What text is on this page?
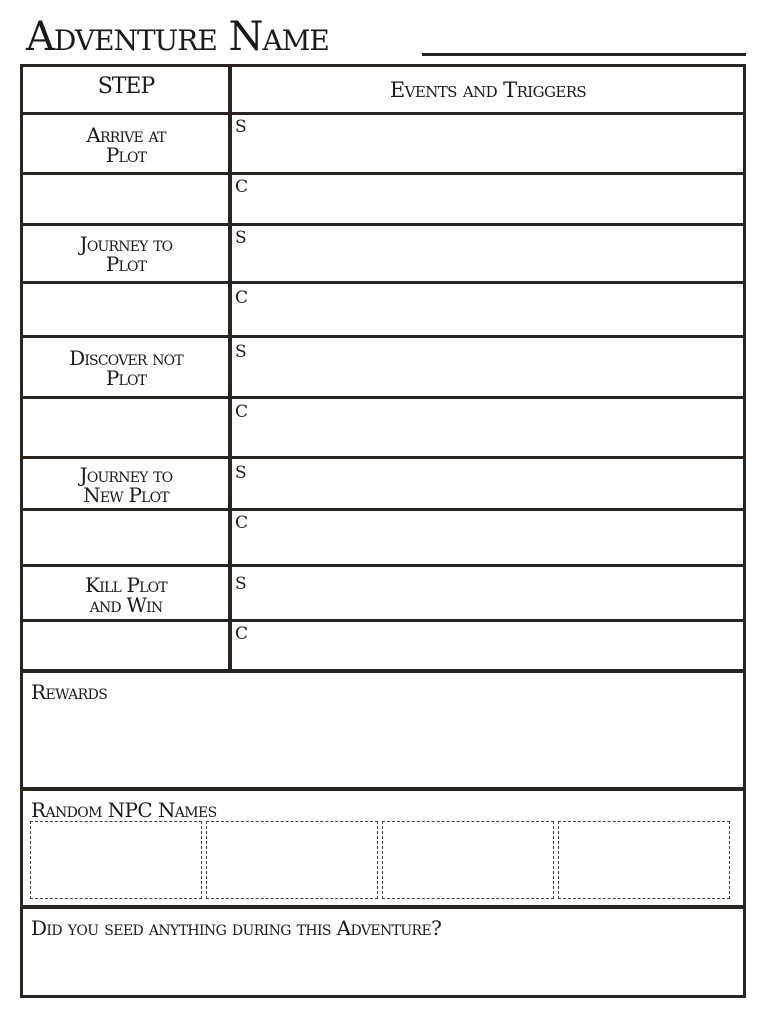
Adventure Name
STEP	Events and Triggers
Arrive at
Plot
S
C
Journey to
Plot
S
C
Discover not
Plot
S
C
Journey to
New Plot
S
C
Kill Plot
and Win
S
C
Rewards
Random NPC Names
Did you seed anything during this Adventure?
